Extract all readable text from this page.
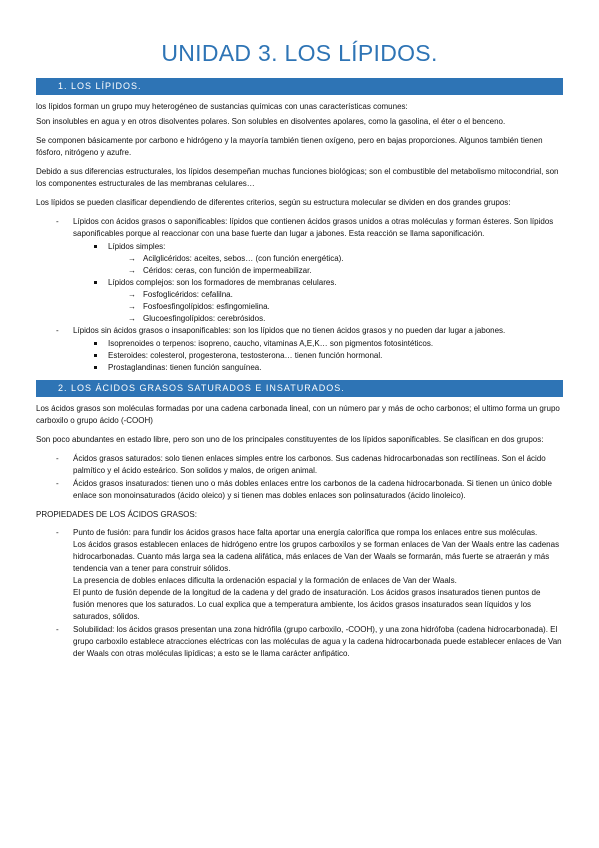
UNIDAD 3. LOS LÍPIDOS.
1. LOS LÍPIDOS.

los lípidos forman un grupo muy heterogéneo de sustancias químicas con unas características comunes:

Son insolubles en agua y en otros disolventes polares. Son solubles en disolventes apolares, como la gasolina, el éter o el benceno.

Se componen básicamente por carbono e hidrógeno y la mayoría también tienen oxígeno, pero en bajas proporciones. Algunos también tienen fósforo, nitrógeno y azufre.

Debido a sus diferencias estructurales, los lípidos desempeñan muchas funciones biológicas; son el combustible del metabolismo mitocondrial, son los componentes estructurales de las membranas celulares…

Los lípidos se pueden clasificar dependiendo de diferentes criterios, según su estructura molecular se dividen en dos grandes grupos:

- Lípidos con ácidos grasos o saponificables: lípidos que contienen ácidos grasos unidos a otras moléculas y forman ésteres. Son lípidos saponificables porque al reaccionar con una base fuerte dan lugar a jabones. Esta reacción se llama saponificación.
Lípidos simples:
→ Acilglicéridos: aceites, sebos… (con función energética).
→ Céridos: ceras, con función de impermeabilizar.
Lípidos complejos: son los formadores de membranas celulares.
→ Fosfoglicéridos: cefalilna.
→ Fosfoesfingolípidos: esfingomielina.
→ Glucoesfingolípidos: cerebrósidos.
- Lípidos sin ácidos grasos o insaponificables: son los lípidos que no tienen ácidos grasos y no pueden dar lugar a jabones.
Isoprenoides o terpenos: isopreno, caucho, vitaminas A,E,K… son pigmentos fotosintéticos.
Esteroides: colesterol, progesterona, testosterona… tienen función hormonal.
Prostaglandinas: tienen función sanguínea.
2. LOS ÁCIDOS GRASOS SATURADOS E INSATURADOS.

Los ácidos grasos son moléculas formadas por una cadena carbonada lineal, con un número par y más de ocho carbonos; el ultimo forma un grupo carboxilo o grupo ácido (-COOH)

Son poco abundantes en estado libre, pero son uno de los principales constituyentes de los lípidos saponificables. Se clasifican en dos grupos:

- Ácidos grasos saturados: solo tienen enlaces simples entre los carbonos. Sus cadenas hidrocarbonadas son rectilíneas. Son el ácido palmítico y el ácido esteárico. Son solidos y malos, de origen animal.
- Ácidos grasos insaturados: tienen uno o más dobles enlaces entre los carbonos de la cadena hidrocarbonada. Si tienen un único doble enlace son monoinsaturados (ácido oleico) y si tienen mas dobles enlaces son polinsaturados (ácido linoleico).
PROPIEDADES DE LOS ÁCIDOS GRASOS:
- Punto de fusión: para fundir los ácidos grasos hace falta aportar una energía calorífica que rompa los enlaces entre sus moléculas.
Los ácidos grasos establecen enlaces de hidrógeno entre los grupos carboxilos y se forman enlaces de Van der Waals entre las cadenas hidrocarbonadas. Cuanto más larga sea la cadena alifática, más enlaces de Van der Waals se formarán, más fuerte se atraerán y más tendencia van a tener para construir sólidos.
La presencia de dobles enlaces dificulta la ordenación espacial y la formación de enlaces de Van der Waals.
El punto de fusión depende de la longitud de la cadena y del grado de insaturación. Los ácidos grasos insaturados tienen puntos de fusión menores que los saturados. Lo cual explica que a temperatura ambiente, los ácidos grasos insaturados sean líquidos y los saturados, sólidos.
- Solubilidad: los ácidos grasos presentan una zona hidrófila (grupo carboxilo, -COOH), y una zona hidrófoba (cadena hidrocarbonada). El grupo carboxilo establece atracciones eléctricas con las moléculas de agua y la cadena hidrocarbonada puede establecer enlaces de Van der Waals con otras moléculas lipídicas; a esto se le llama carácter anfipático.
